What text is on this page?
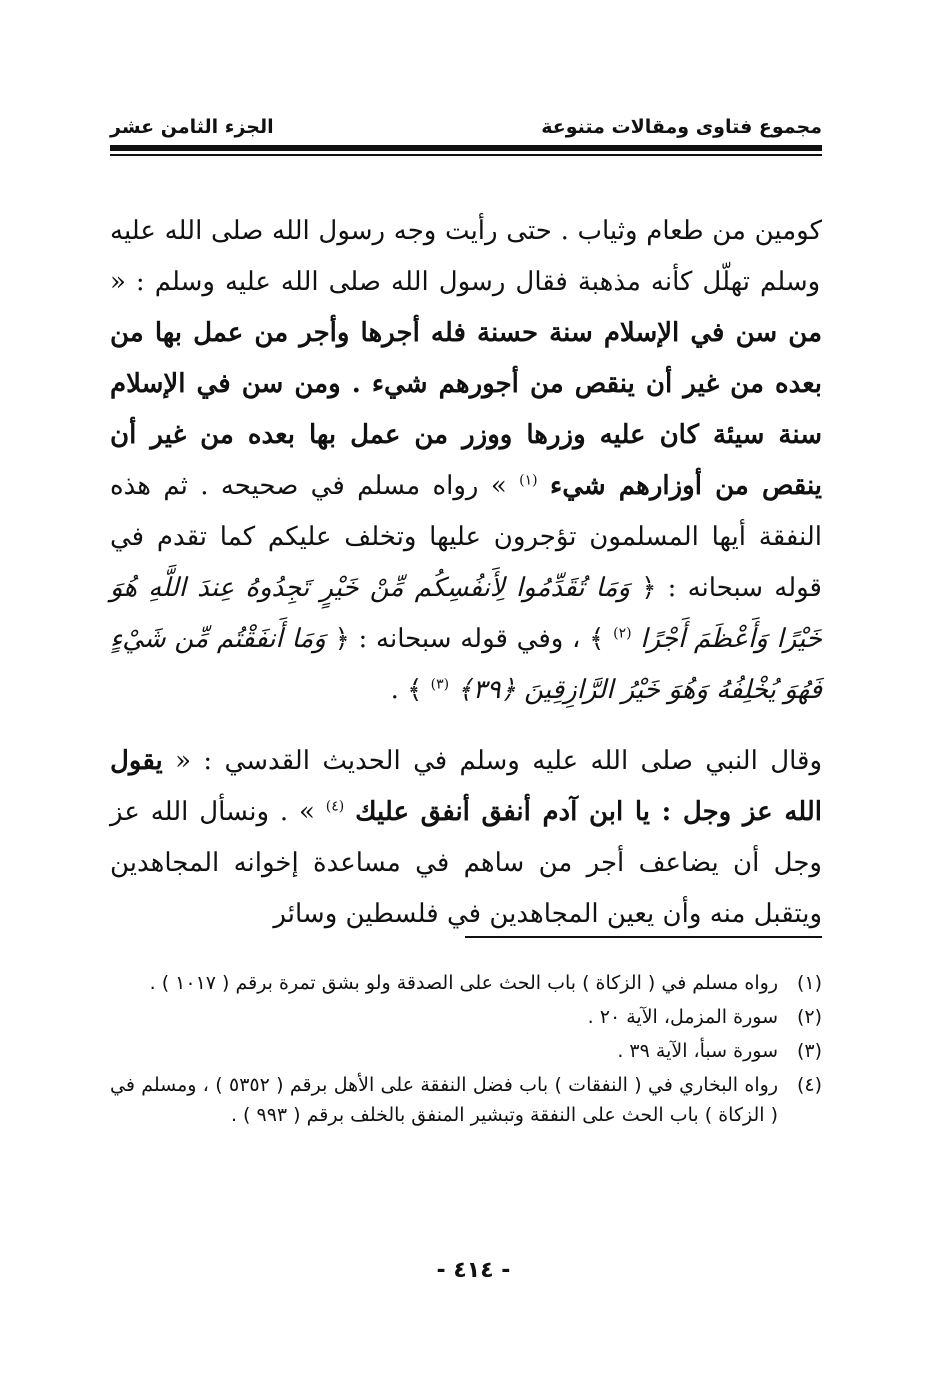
مجموع فتاوى ومقالات متنوعة
الجزء الثامن عشر

كومين من طعام وثياب . حتى رأيت وجه رسول الله صلى الله عليه وسلم تهلّل كأنه مذهبة فقال رسول الله صلى الله عليه وسلم : « من سن في الإسلام سنة حسنة فله أجرها وأجر من عمل بها من بعده من غير أن ينقص من أجورهم شيء . ومن سن في الإسلام سنة سيئة كان عليه وزرها ووزر من عمل بها بعده من غير أن ينقص من أوزارهم شيء $^{(١)}$ » رواه مسلم في صحيحه . ثم هذه النفقة أيها المسلمون تؤجرون عليها وتخلف عليكم كما تقدم في قوله سبحانه : ﴿ وَمَا تُقَدِّمُوا لِأَنفُسِكُم مِّنْ خَيْرٍ تَجِدُوهُ عِندَ اللَّهِ هُوَ خَيْرًا وَأَعْظَمَ أَجْرًا $^{(٢)}$ ﴾ ، وفي قوله سبحانه : ﴿ وَمَا أَنفَقْتُم مِّن شَيْءٍ فَهُوَ يُخْلِفُهُ وَهُوَ خَيْرُ الرَّازِقِينَ ﴿٣٩﴾ $^{(٣)}$ ﴾ .

وقال النبي صلى الله عليه وسلم في الحديث القدسي : « يقول الله عز وجل : يا ابن آدم أنفق أنفق عليك $^{(٤)}$ » . ونسأل الله عز وجل أن يضاعف أجر من ساهم في مساعدة إخوانه المجاهدين ويتقبل منه وأن يعين المجاهدين في فلسطين وسائر

(١)
رواه مسلم في ( الزكاة ) باب الحث على الصدقة ولو بشق تمرة برقم ( ١٠١٧ ) .
(٢)
سورة المزمل، الآية ٢٠ .
(٣)
سورة سبأ، الآية ٣٩ .
(٤)
رواه البخاري في ( النفقات ) باب فضل النفقة على الأهل برقم ( ٥٣٥٢ ) ، ومسلم في ( الزكاة ) باب الحث على النفقة وتبشير المنفق بالخلف برقم ( ٩٩٣ ) .
- ٤١٤ -
